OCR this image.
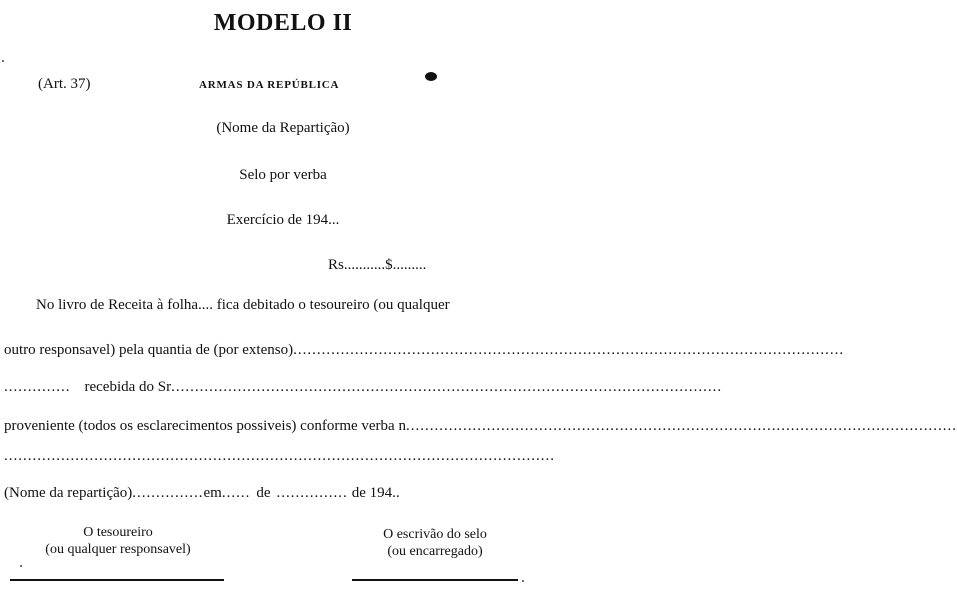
MODELO II
(Art. 37)	ARMAS DA REPÚBLICA
(Nome da Repartição)
Selo por verba
Exercício de 194...
Rs...........$.........
No livro de Receita à folha.... fica debitado o tesoureiro (ou qualquer
outro responsavel) pela quantia de (por extenso) ....................................................................................................................
.............. recebida do Sr ....................................................................................................................
proveniente (todos os esclarecimentos possiveis) conforme verba n ....................................................................................................................
....................................................................................................................
(Nome da repartição) ............... em ...... de ............... de 194..
O tesoureiro
(ou qualquer responsavel)
O escrivão do selo
(ou encarregado)
